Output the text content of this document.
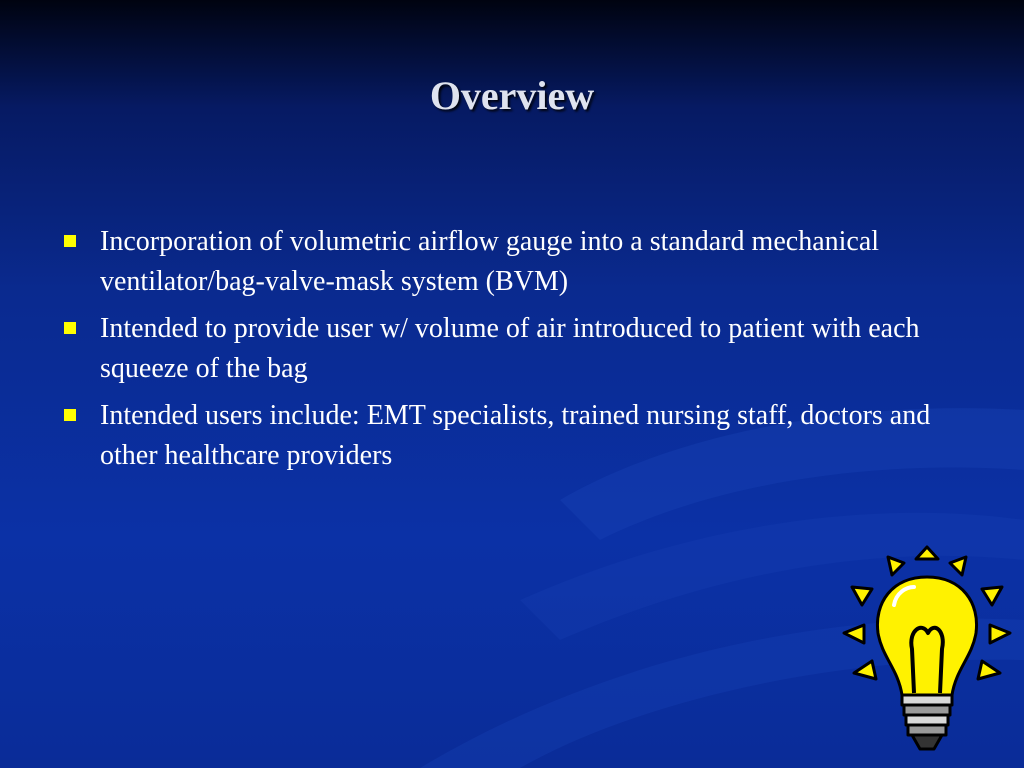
Overview
Incorporation of volumetric airflow gauge into a standard mechanical ventilator/bag-valve-mask system (BVM)
Intended to provide user w/ volume of air introduced to patient with each squeeze of the bag
Intended users include: EMT specialists, trained nursing staff, doctors and other healthcare providers
